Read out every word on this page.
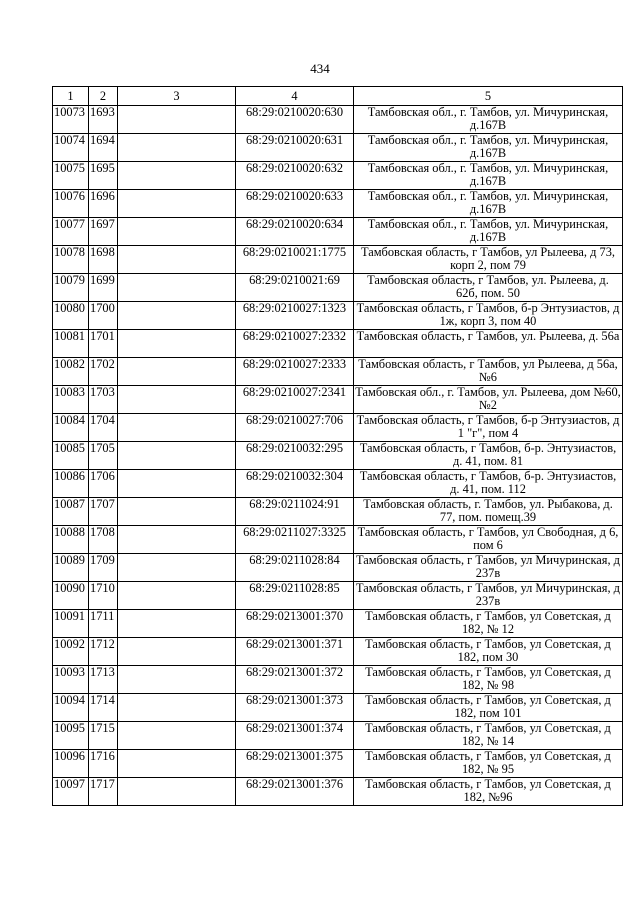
434
1	2	3	4	5
10073	1693		68:29:0210020:630	Тамбовская обл., г. Тамбов, ул. Мичуринская, д.167В
10074	1694		68:29:0210020:631	Тамбовская обл., г. Тамбов, ул. Мичуринская, д.167В
10075	1695		68:29:0210020:632	Тамбовская обл., г. Тамбов, ул. Мичуринская, д.167В
10076	1696		68:29:0210020:633	Тамбовская обл., г. Тамбов, ул. Мичуринская, д.167В
10077	1697		68:29:0210020:634	Тамбовская обл., г. Тамбов, ул. Мичуринская, д.167В
10078	1698		68:29:0210021:1775	Тамбовская область, г Тамбов, ул Рылеева, д 73, корп 2, пом 79
10079	1699		68:29:0210021:69	Тамбовская область, г Тамбов, ул. Рылеева, д. 62б, пом. 50
10080	1700		68:29:0210027:1323	Тамбовская область, г Тамбов, б-р Энтузиастов, д 1ж, корп 3, пом 40
10081	1701		68:29:0210027:2332	Тамбовская область, г Тамбов, ул. Рылеева, д. 56а
10082	1702		68:29:0210027:2333	Тамбовская область, г Тамбов, ул Рылеева, д 56а, №6
10083	1703		68:29:0210027:2341	Тамбовская обл., г. Тамбов, ул. Рылеева, дом №60, №2
10084	1704		68:29:0210027:706	Тамбовская область, г Тамбов, б-р Энтузиастов, д 1 "г", пом 4
10085	1705		68:29:0210032:295	Тамбовская область, г Тамбов, б-р. Энтузиастов, д. 41, пом. 81
10086	1706		68:29:0210032:304	Тамбовская область, г Тамбов, б-р. Энтузиастов, д. 41, пом. 112
10087	1707		68:29:0211024:91	Тамбовская область, г. Тамбов, ул. Рыбакова, д. 77, пом. помещ.39
10088	1708		68:29:0211027:3325	Тамбовская область, г Тамбов, ул Свободная, д 6, пом 6
10089	1709		68:29:0211028:84	Тамбовская область, г Тамбов, ул Мичуринская, д 237в
10090	1710		68:29:0211028:85	Тамбовская область, г Тамбов, ул Мичуринская, д 237в
10091	1711		68:29:0213001:370	Тамбовская область, г Тамбов, ул Советская, д 182, № 12
10092	1712		68:29:0213001:371	Тамбовская область, г Тамбов, ул Советская, д 182, пом 30
10093	1713		68:29:0213001:372	Тамбовская область, г Тамбов, ул Советская, д 182, № 98
10094	1714		68:29:0213001:373	Тамбовская область, г Тамбов, ул Советская, д 182, пом 101
10095	1715		68:29:0213001:374	Тамбовская область, г Тамбов, ул Советская, д 182, № 14
10096	1716		68:29:0213001:375	Тамбовская область, г Тамбов, ул Советская, д 182, № 95
10097	1717		68:29:0213001:376	Тамбовская область, г Тамбов, ул Советская, д 182, №96
